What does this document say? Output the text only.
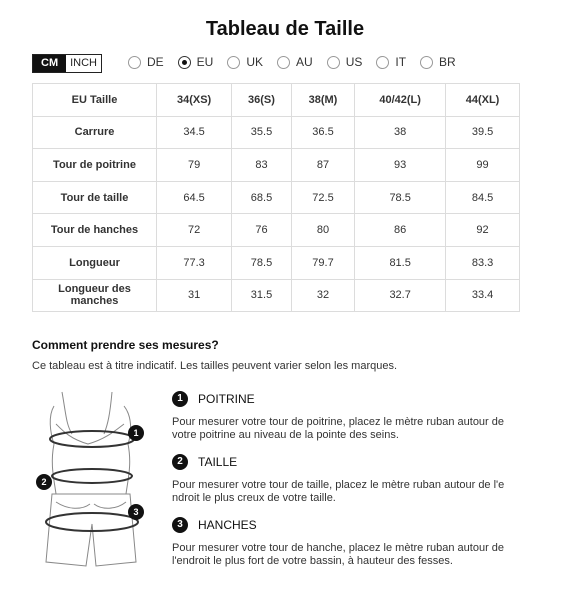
Tableau de Taille
CM	INCH	DE	EU	UK	AU	US	IT	BR
EU Taille	34(XS)	36(S)	38(M)	40/42(L)	44(XL)
Carrure	34.5	35.5	36.5	38	39.5
Tour de poitrine	79	83	87	93	99
Tour de taille	64.5	68.5	72.5	78.5	84.5
Tour de hanches	72	76	80	86	92
Longueur	77.3	78.5	79.7	81.5	83.3
Longueur des manches	31	31.5	32	32.7	33.4
Comment prendre ses mesures?
Ce tableau est à titre indicatif. Les tailles peuvent varier selon les marques.
1
2
3
1	POITRINE
Pour mesurer votre tour de poitrine, placez le mètre ruban autour de votre poitrine au niveau de la pointe des seins.
2	TAILLE
Pour mesurer votre tour de taille, placez le mètre ruban autour de l'e ndroit le plus creux de votre taille.
3	HANCHES
Pour mesurer votre tour de hanche, placez le mètre ruban autour de l'endroit le plus fort de votre bassin, à hauteur des fesses.
